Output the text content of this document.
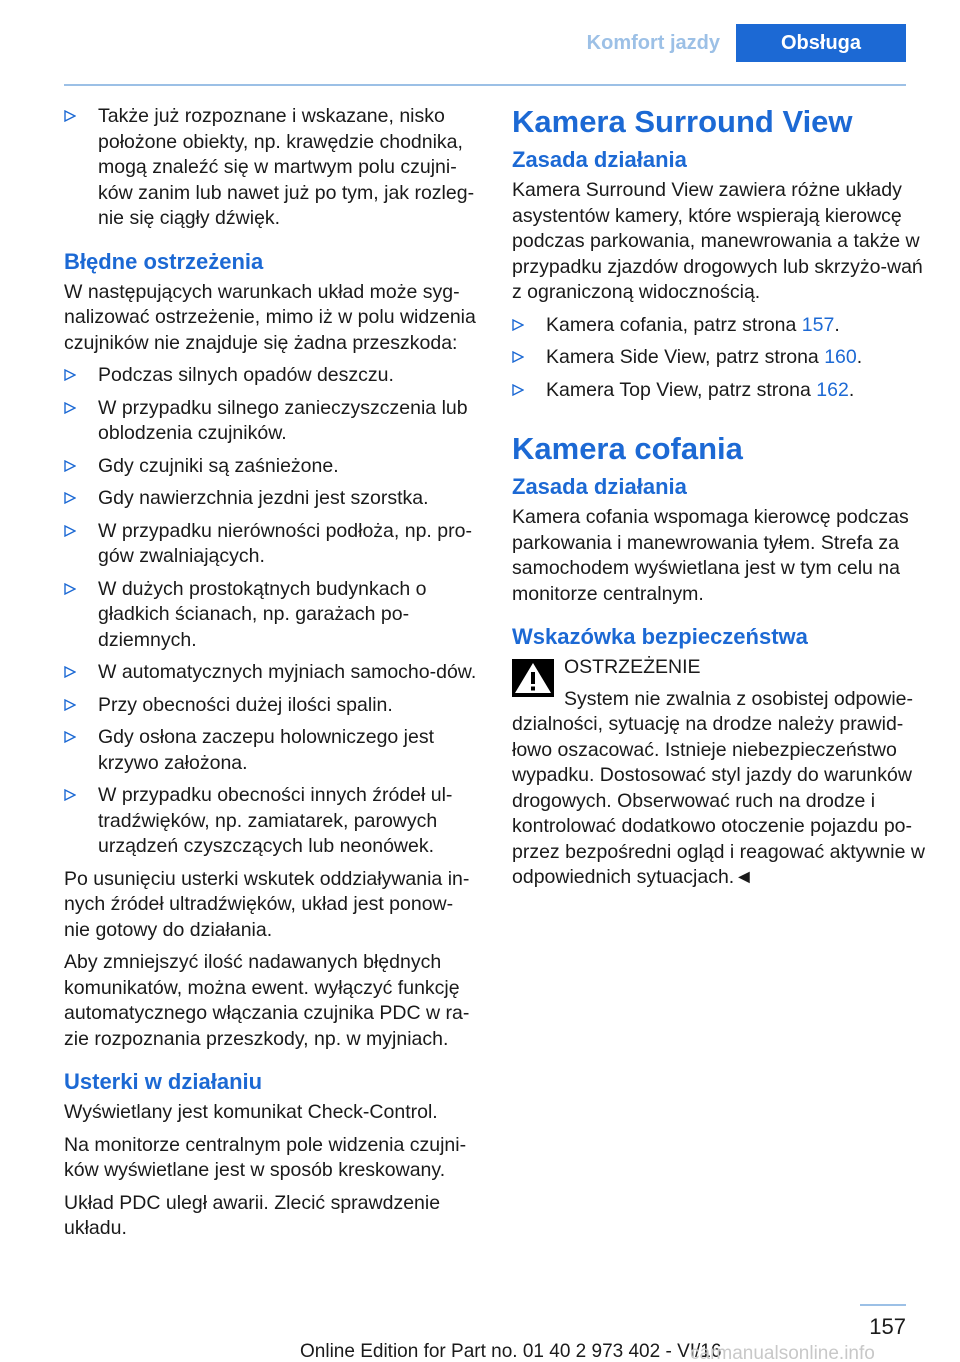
Komfort jazdy	Obsługa
Także już rozpoznane i wskazane, nisko położone obiekty, np. krawędzie chodnika, mogą znaleźć się w martwym polu czujni-ków zanim lub nawet już po tym, jak rozleg-nie się ciągły dźwięk.
Błędne ostrzeżenia

W następujących warunkach układ może syg-nalizować ostrzeżenie, mimo iż w polu widzenia czujników nie znajduje się żadna przeszkoda:

Podczas silnych opadów deszczu.
W przypadku silnego zanieczyszczenia lub oblodzenia czujników.
Gdy czujniki są zaśnieżone.
Gdy nawierzchnia jezdni jest szorstka.
W przypadku nierówności podłoża, np. pro-gów zwalniających.
W dużych prostokątnych budynkach o gładkich ścianach, np. garażach po-dziemnych.
W automatycznych myjniach samocho-dów.
Przy obecności dużej ilości spalin.
Gdy osłona zaczepu holowniczego jest krzywo założona.
W przypadku obecności innych źródeł ul-tradźwięków, np. zamiatarek, parowych urządzeń czyszczących lub neonówek.

Po usunięciu usterki wskutek oddziaływania in-nych źródeł ultradźwięków, układ jest ponow-nie gotowy do działania.

Aby zmniejszyć ilość nadawanych błędnych komunikatów, można ewent. wyłączyć funkcję automatycznego włączania czujnika PDC w ra-zie rozpoznania przeszkody, np. w myjniach.

Usterki w działaniu

Wyświetlany jest komunikat Check-Control.

Na monitorze centralnym pole widzenia czujni-ków wyświetlane jest w sposób kreskowany.

Układ PDC uległ awarii. Zlecić sprawdzenie układu.

Kamera Surround View
Zasada działania

Kamera Surround View zawiera różne układy asystentów kamery, które wspierają kierowcę podczas parkowania, manewrowania a także w przypadku zjazdów drogowych lub skrzyżo-wań z ograniczoną widocznością.

Kamera cofania, patrz strona 157.
Kamera Side View, patrz strona 160.
Kamera Top View, patrz strona 162.
Kamera cofania
Zasada działania

Kamera cofania wspomaga kierowcę podczas parkowania i manewrowania tyłem. Strefa za samochodem wyświetlana jest w tym celu na monitorze centralnym.

Wskazówka bezpieczeństwa
OSTRZEŻENIE
System nie zwalnia z osobistej odpowie-
dzialności, sytuację na drodze należy prawid-łowo oszacować. Istnieje niebezpieczeństwo wypadku. Dostosować styl jazdy do warunków drogowych. Obserwować ruch na drodze i kontrolować dodatkowo otoczenie pojazdu po-przez bezpośredni ogląd i reagować aktywnie w odpowiednich sytuacjach.◄
157
Online Edition for Part no. 01 40 2 973 402 - VI/16
carmanualsonline.info
